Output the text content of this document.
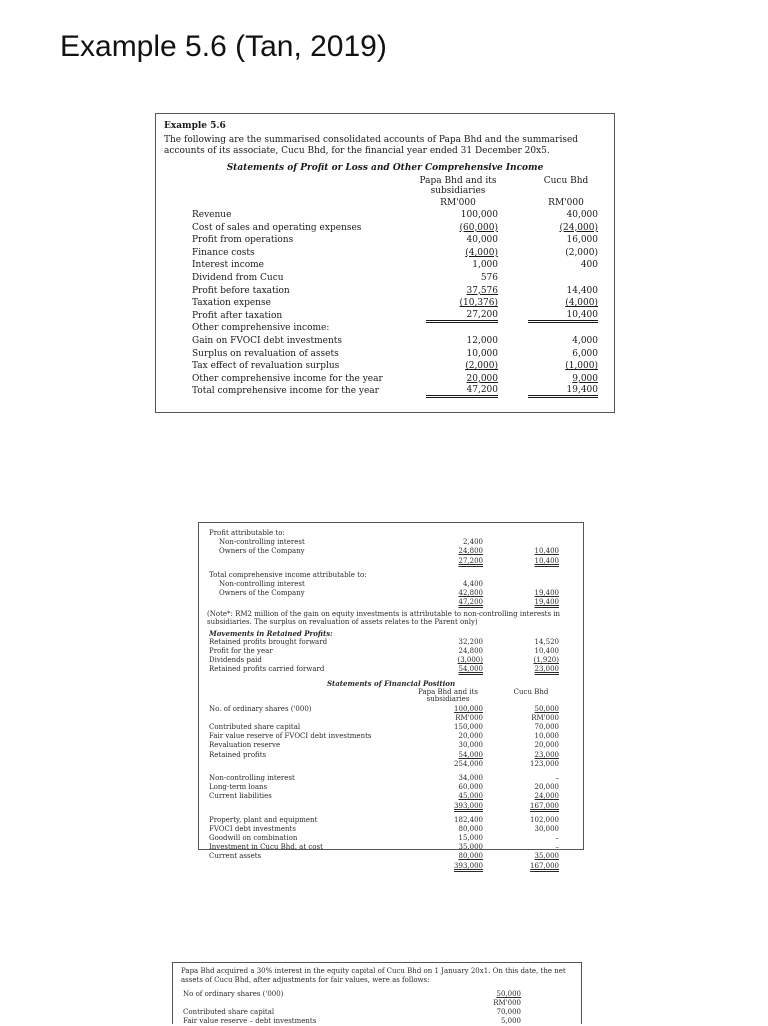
Example 5.6 (Tan, 2019)
Example 5.6
The following are the summarised consolidated accounts of Papa Bhd and the summarised accounts of its associate, Cucu Bhd, for the financial year ended 31 December 20x5.
Statements of Profit or Loss and Other Comprehensive Income
Papa Bhd and its subsidiaries
Cucu Bhd
RM'000	RM'000
Revenue	100,000	40,000
Cost of sales and operating expenses	(60,000)	(24,000)
Profit from operations	40,000	16,000
Finance costs	(4,000)	(2,000)
Interest income	1,000	400
Dividend from Cucu	576
Profit before taxation	37,576	14,400
Taxation expense	(10,376)	(4,000)
Profit after taxation	27,200	10,400
Other comprehensive income:
Gain on FVOCI debt investments	12,000	4,000
Surplus on revaluation of assets	10,000	6,000
Tax effect of revaluation surplus	(2,000)	(1,000)
Other comprehensive income for the year	20,000	9,000
Total comprehensive income for the year	47,200	19,400
Profit attributable to:
Non-controlling interest	2,400
Owners of the Company	24,800	10,400
27,200	10,400
Total comprehensive income attributable to:
Non-controlling interest	4,400
Owners of the Company	42,800	19,400
47,200	19,400
(Note*: RM2 million of the gain on equity investments is attributable to non-controlling interests in subsidiaries. The surplus on revaluation of assets relates to the Parent only)
Movements in Retained Profits:
Retained profits brought forward	32,200	14,520
Profit for the year	24,800	10,400
Dividends paid	(3,000)	(1,920)
Retained profits carried forward	54,000	23,000
Statements of Financial Position
Papa Bhd and its subsidiaries
Cucu Bhd
No. of ordinary shares ('000)	100,000	50,000
RM'000	RM'000
Contributed share capital	150,000	70,000
Fair value reserve of FVOCI debt investments	20,000	10,000
Revaluation reserve	30,000	20,000
Retained profits	54,000	23,000
254,000	123,000
Non-controlling interest	34,000	–
Long-term loans	60,000	20,000
Current liabilities	45,000	24,000
393,000	167,000
Property, plant and equipment	182,400	102,000
FVOCI debt investments	80,000	30,000
Goodwill on combination	15,000	–
Investment in Cucu Bhd, at cost	35,000	–
Current assets	80,000	35,000
393,000	167,000
Papa Bhd acquired a 30% interest in the equity capital of Cucu Bhd on 1 January 20x1. On this date, the net assets of Cucu Bhd, after adjustments for fair values, were as follows:
No of ordinary shares ('000)	50,000
RM'000
Contributed share capital	70,000
Fair value reserve – debt investments	5,000
